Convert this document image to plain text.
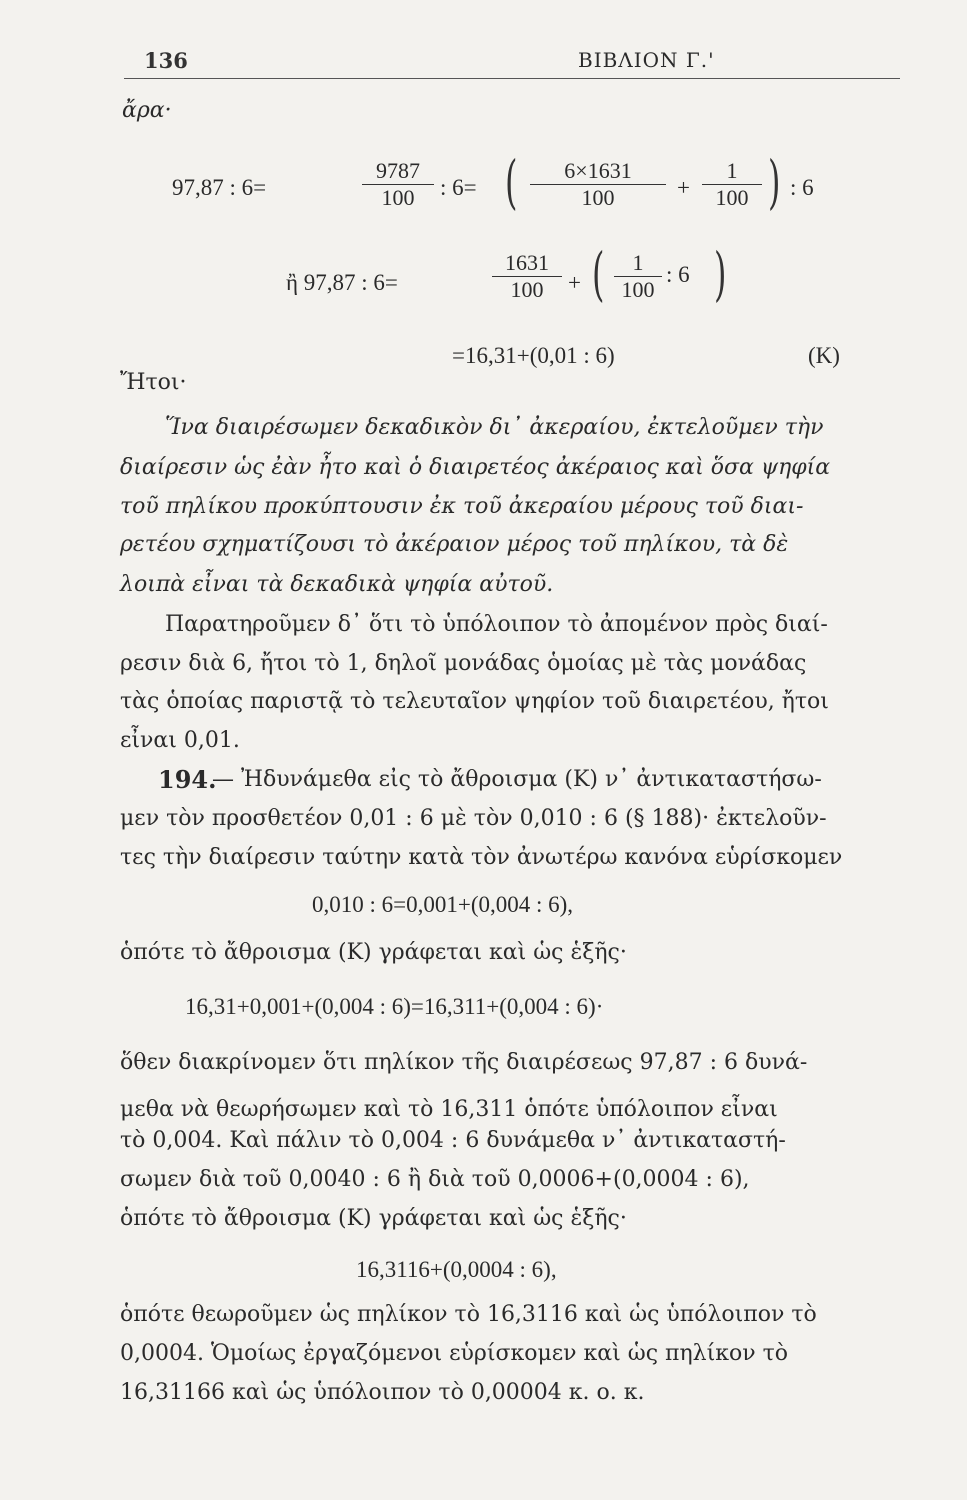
136	ΒΙΒΛΙΟΝ Γ.'
ἄρα·
97,87 : 6=	$\frac{9787}{100}$ : 6= ( $\frac{6\times 1631}{100} + \frac{1}{100}$ ) : 6
ἢ 97,87 : 6=	$\frac{1631}{100}$ + ( $\frac{1}{100}$ : 6 )
=16,31+(0,01 : 6)	(Κ)
Ἤτοι·
Ἵνα διαιρέσωμεν δεκαδικὸν δι᾿ ἀκεραίου, ἐκτελοῦμεν τὴν
διαίρεσιν ὡς ἐὰν ἦτο καὶ ὁ διαιρετέος ἀκέραιος καὶ ὅσα ψηφία
τοῦ πηλίκου προκύπτουσιν ἐκ τοῦ ἀκεραίου μέρους τοῦ διαι-
ρετέου σχηματίζουσι τὸ ἀκέραιον μέρος τοῦ πηλίκου, τὰ δὲ
λοιπὰ εἶναι τὰ δεκαδικὰ ψηφία αὐτοῦ.
Παρατηροῦμεν δ᾿ ὅτι τὸ ὑπόλοιπον τὸ ἀπομένον πρὸς διαί-
ρεσιν διὰ 6, ἤτοι τὸ 1, δηλοῖ μονάδας ὁμοίας μὲ τὰς μονάδας
τὰς ὁποίας παριστᾷ τὸ τελευταῖον ψηφίον τοῦ διαιρετέου, ἤτοι
εἶναι 0,01.
194.
— Ἠδυνάμεθα εἰς τὸ ἄθροισμα (Κ) ν᾿ ἀντικαταστήσω-
μεν τὸν προσθετέον 0,01 : 6 μὲ τὸν 0,010 : 6 (§ 188)· ἐκτελοῦν-
τες τὴν διαίρεσιν ταύτην κατὰ τὸν ἀνωτέρω κανόνα εὑρίσκομεν
0,010 : 6=0,001+(0,004 : 6),
ὁπότε τὸ ἄθροισμα (Κ) γράφεται καὶ ὡς ἑξῆς·
16,31+0,001+(0,004 : 6)=16,311+(0,004 : 6)·
ὅθεν διακρίνομεν ὅτι πηλίκον τῆς διαιρέσεως 97,87 : 6 δυνά-
μεθα νὰ θεωρήσωμεν καὶ τὸ 16,311 ὁπότε ὑπόλοιπον εἶναι
τὸ 0,004. Καὶ πάλιν τὸ 0,004 : 6 δυνάμεθα ν᾿ ἀντικαταστή-
σωμεν διὰ τοῦ 0,0040 : 6 ἢ διὰ τοῦ 0,0006+(0,0004 : 6),
ὁπότε τὸ ἄθροισμα (Κ) γράφεται καὶ ὡς ἑξῆς·
16,3116+(0,0004 : 6),
ὁπότε θεωροῦμεν ὡς πηλίκον τὸ 16,3116 καὶ ὡς ὑπόλοιπον τὸ
0,0004. Ὁμοίως ἐργαζόμενοι εὑρίσκομεν καὶ ὡς πηλίκον τὸ
16,31166 καὶ ὡς ὑπόλοιπον τὸ 0,00004 κ. ο. κ.
